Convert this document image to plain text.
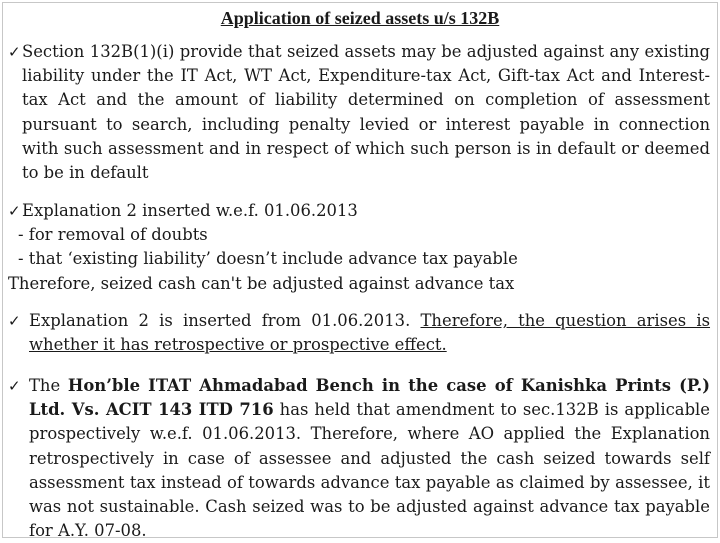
Application of seized assets u/s 132B
✓Section 132B(1)(i) provide that seized assets may be adjusted against any existing liability under the IT Act, WT Act, Expenditure-tax Act, Gift-tax Act and Interest-tax Act and the amount of liability determined on completion of assessment pursuant to search, including penalty levied or interest payable in connection with such assessment and in respect of which such person is in default or deemed to be in default
✓Explanation 2 inserted w.e.f. 01.06.2013
- for removal of doubts
- that ‘existing liability’ doesn’t include advance tax payable
Therefore, seized cash can't be adjusted against advance tax
✓ Explanation 2 is inserted from 01.06.2013. Therefore, the question arises is whether it has retrospective or prospective effect.
✓ The Hon’ble ITAT Ahmadabad Bench in the case of Kanishka Prints (P.) Ltd. Vs. ACIT 143 ITD 716 has held that amendment to sec.132B is applicable prospectively w.e.f. 01.06.2013. Therefore, where AO applied the Explanation retrospectively in case of assessee and adjusted the cash seized towards self assessment tax instead of towards advance tax payable as claimed by assessee, it was not sustainable. Cash seized was to be adjusted against advance tax payable for A.Y. 07-08.
